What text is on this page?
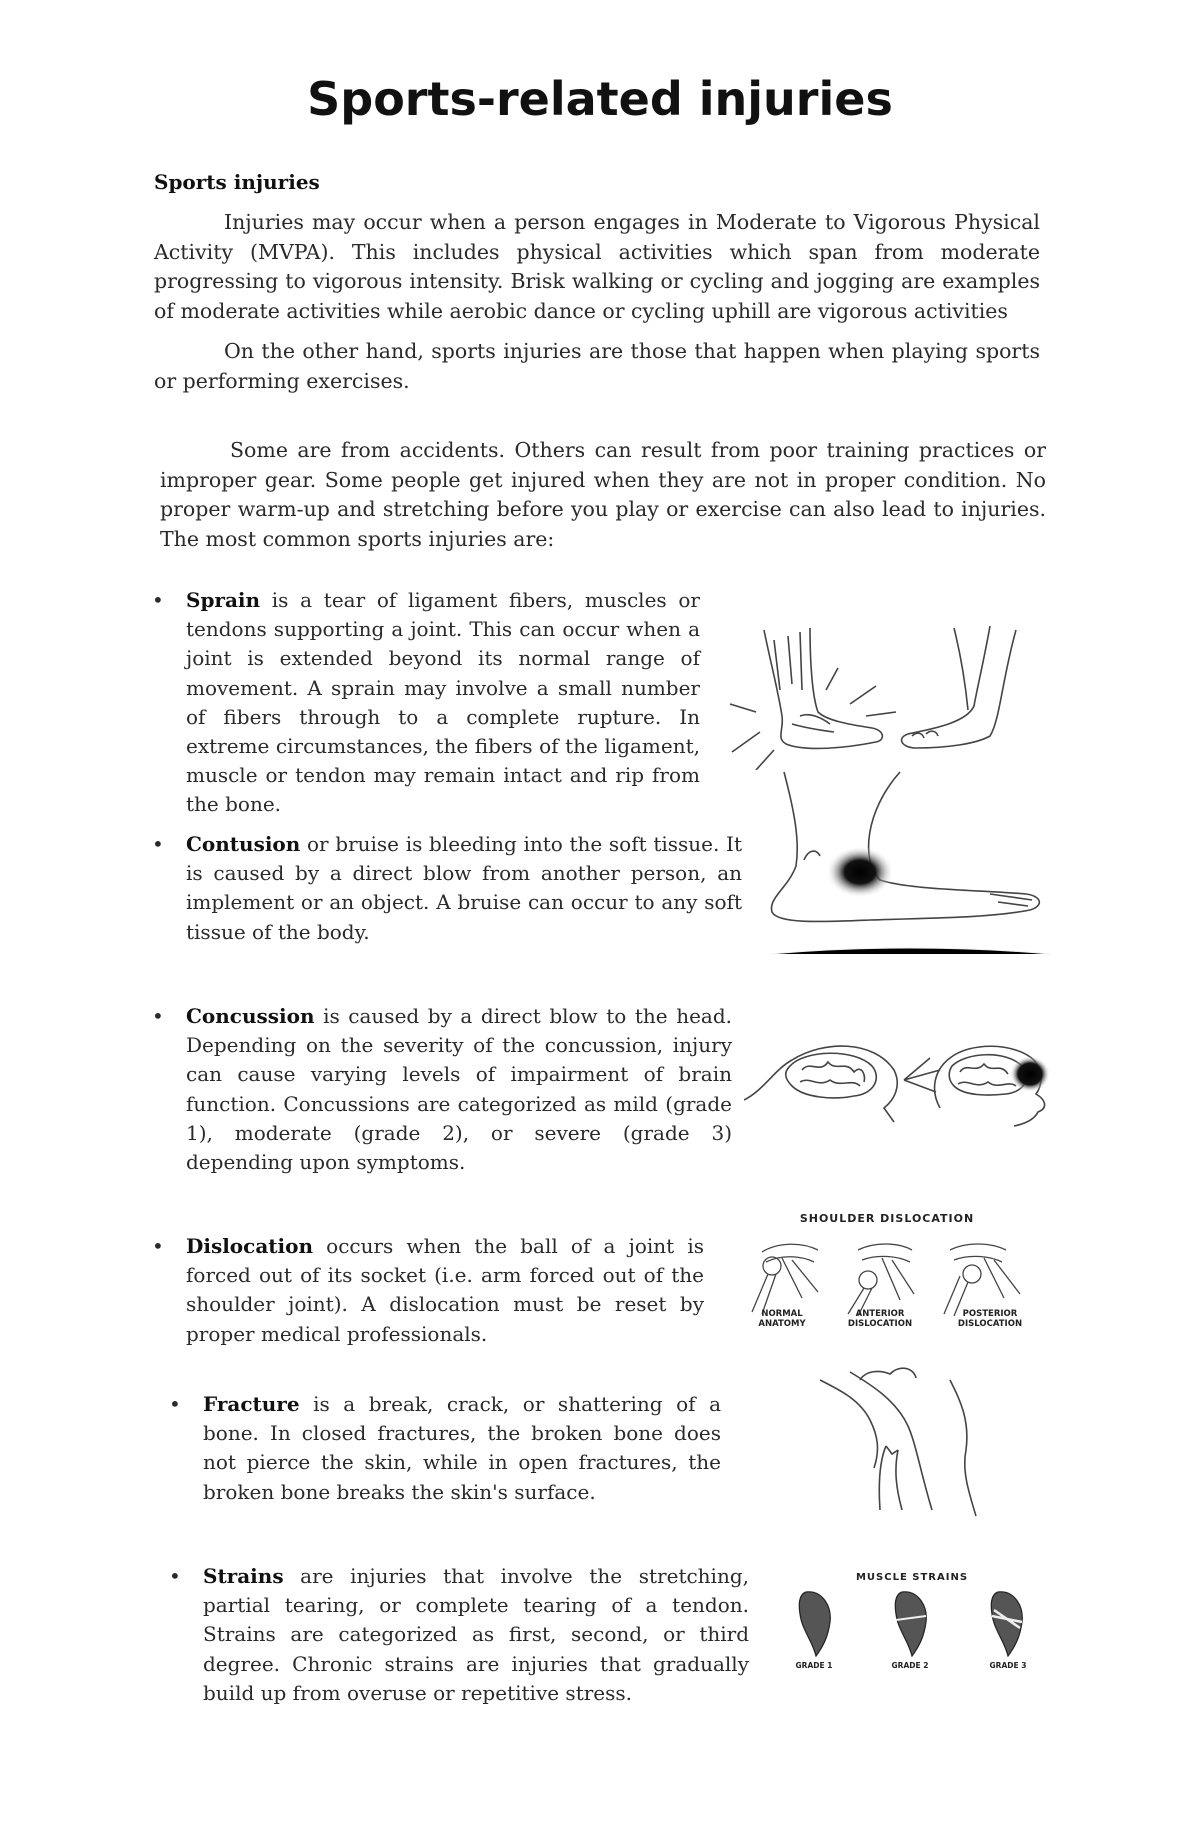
Sports-related injuries
Sports injuries

Injuries may occur when a person engages in Moderate to Vigorous Physical Activity (MVPA). This includes physical activities which span from moderate progressing to vigorous intensity. Brisk walking or cycling and jogging are examples of moderate activities while aerobic dance or cycling uphill are vigorous activities

On the other hand, sports injuries are those that happen when playing sports or performing exercises.

Some are from accidents. Others can result from poor training practices or improper gear. Some people get injured when they are not in proper condition. No proper warm-up and stretching before you play or exercise can also lead to injuries. The most common sports injuries are:

• Sprain is a tear of ligament fibers, muscles or tendons supporting a joint. This can occur when a joint is extended beyond its normal range of movement. A sprain may involve a small number of fibers through to a complete rupture. In extreme circumstances, the fibers of the ligament, muscle or tendon may remain intact and rip from the bone.
• Contusion or bruise is bleeding into the soft tissue. It is caused by a direct blow from another person, an implement or an object. A bruise can occur to any soft tissue of the body.
• Concussion is caused by a direct blow to the head. Depending on the severity of the concussion, injury can cause varying levels of impairment of brain function. Concussions are categorized as mild (grade 1), moderate (grade 2), or severe (grade 3) depending upon symptoms.
• Dislocation occurs when the ball of a joint is forced out of its socket (i.e. arm forced out of the shoulder joint). A dislocation must be reset by proper medical professionals.
• Fracture is a break, crack, or shattering of a bone. In closed fractures, the broken bone does not pierce the skin, while in open fractures, the broken bone breaks the skin's surface.
• Strains are injuries that involve the stretching, partial tearing, or complete tearing of a tendon. Strains are categorized as first, second, or third degree. Chronic strains are injuries that gradually build up from overuse or repetitive stress.
SHOULDER DISLOCATION
NORMAL
ANATOMY
ANTERIOR
DISLOCATION
POSTERIOR
DISLOCATION
MUSCLE STRAINS
GRADE 1	GRADE 2	GRADE 3
